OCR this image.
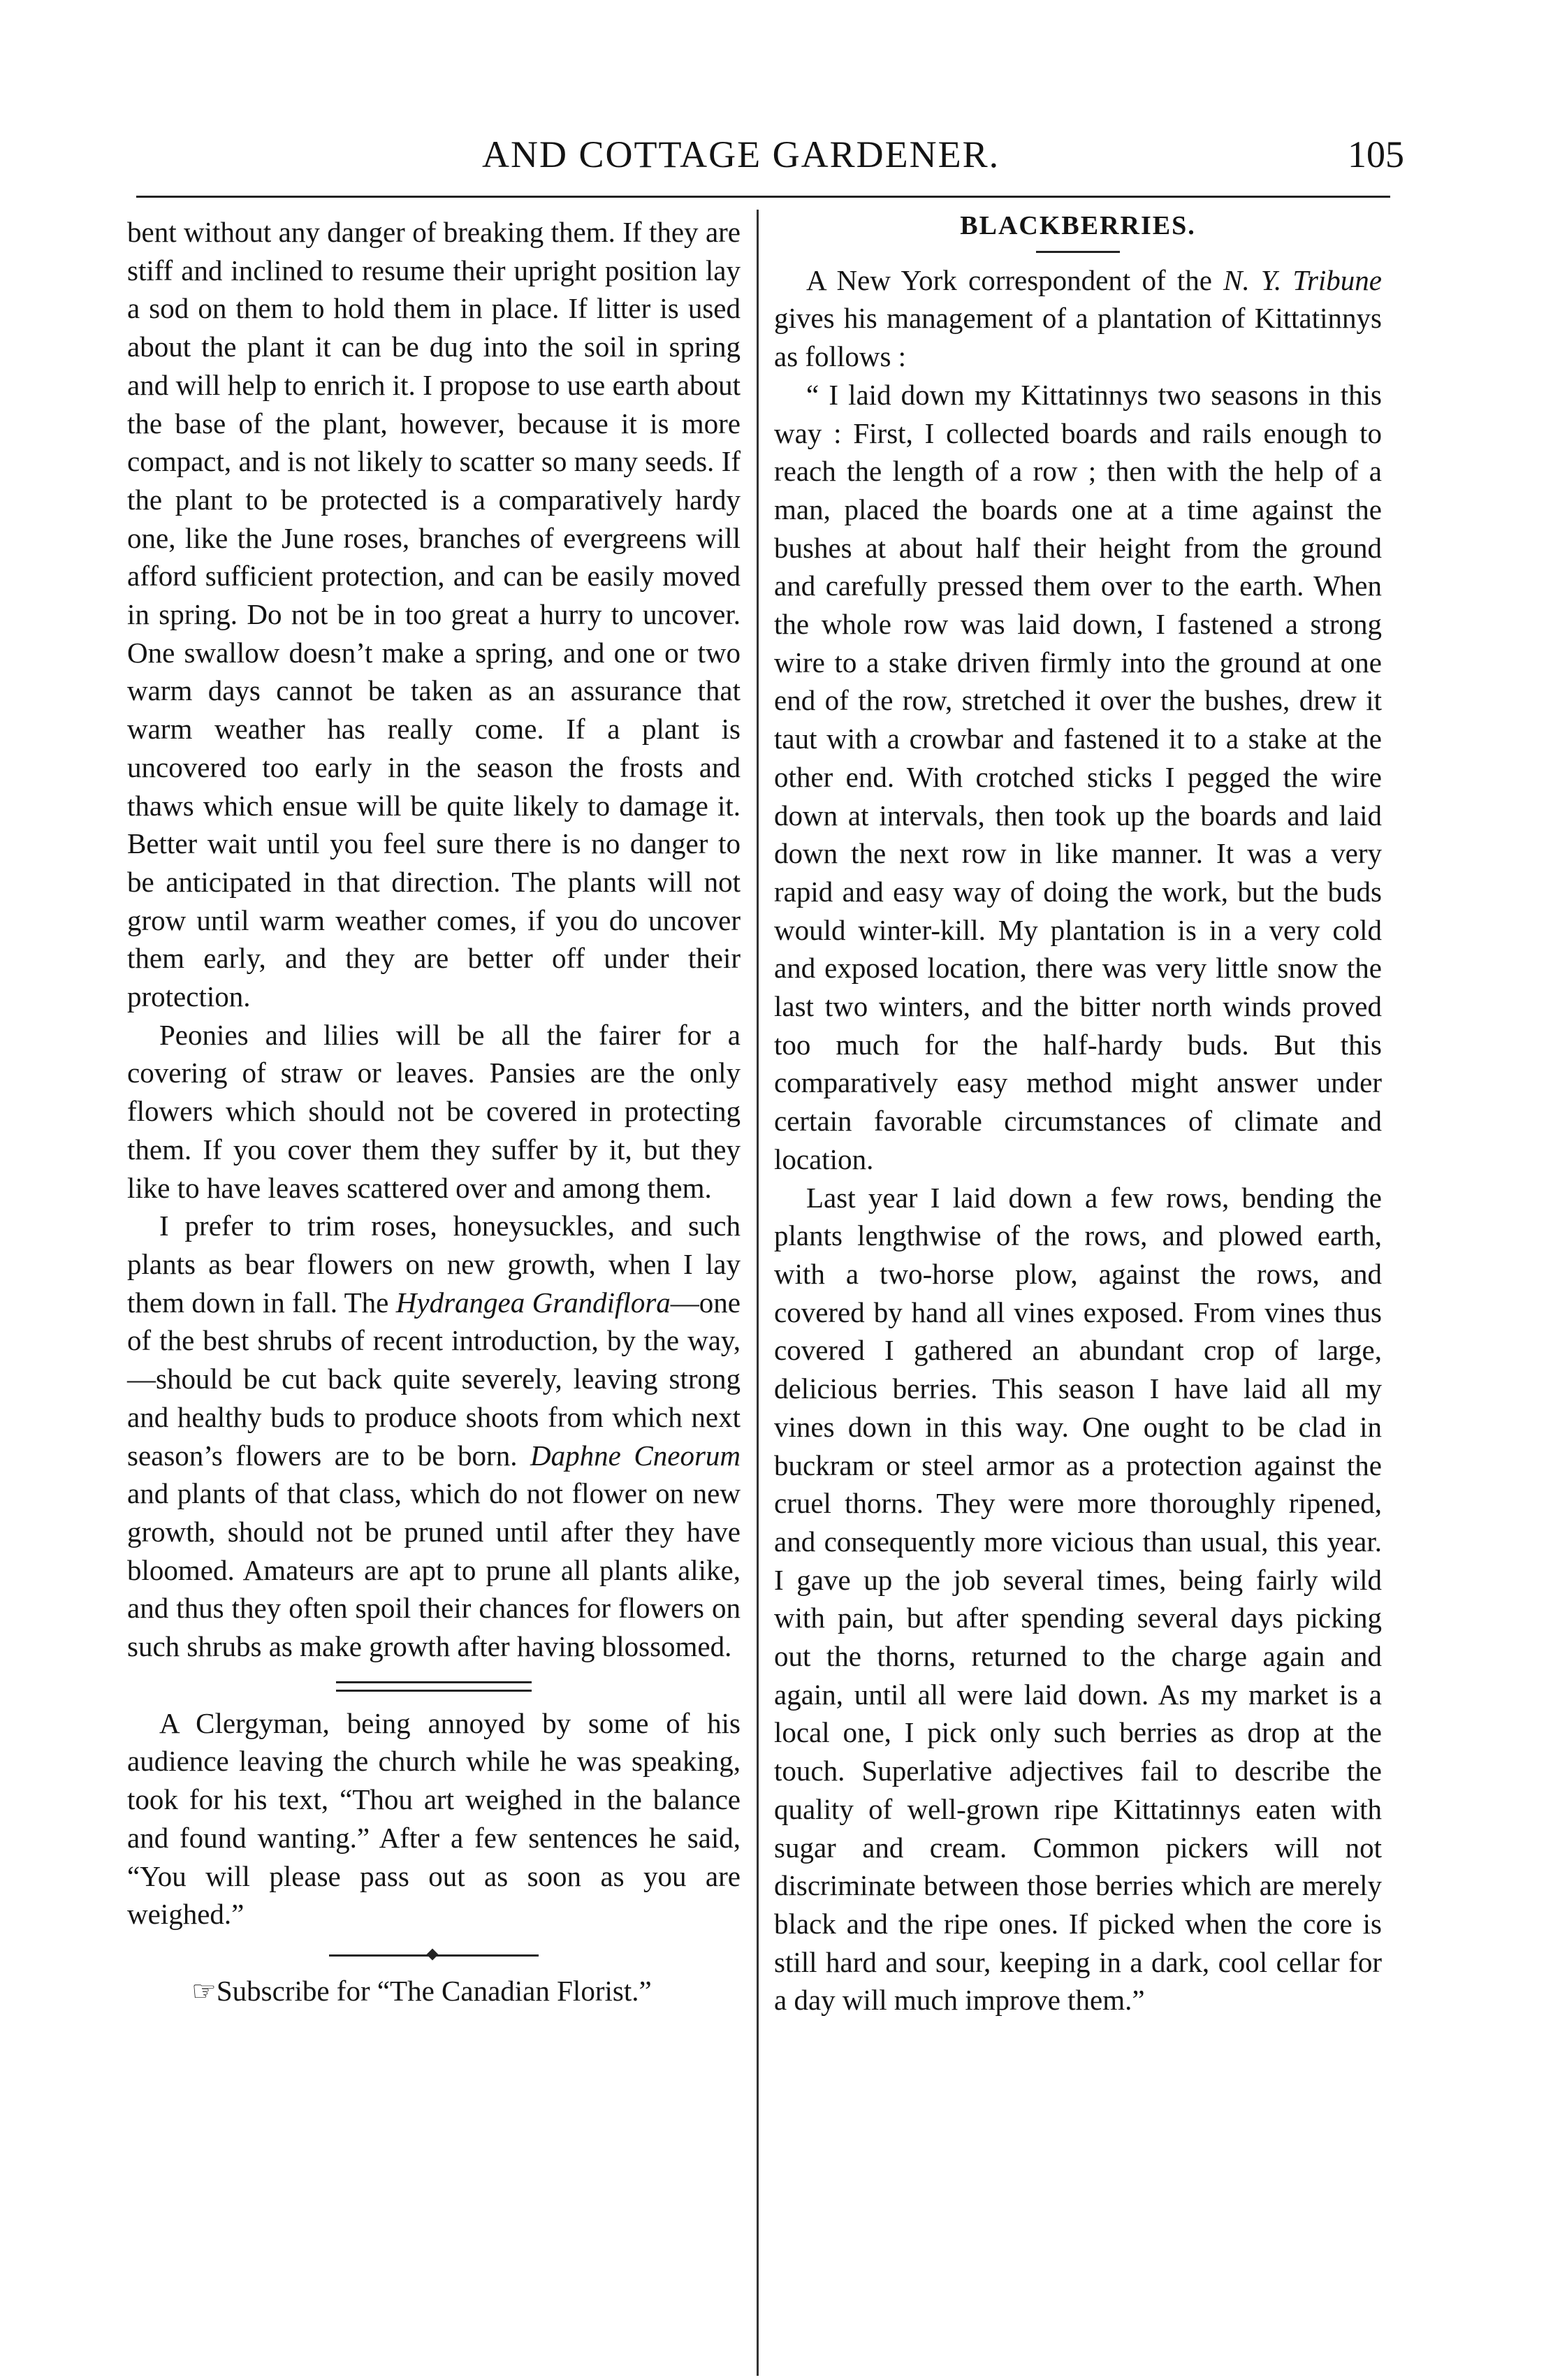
AND COTTAGE GARDENER.	105

bent without any danger of breaking them. If they are stiff and inclined to resume their upright position lay a sod on them to hold them in place. If litter is used about the plant it can be dug into the soil in spring and will help to enrich it. I propose to use earth about the base of the plant, however, because it is more compact, and is not likely to scatter so many seeds. If the plant to be protected is a comparatively hardy one, like the June roses, branches of evergreens will afford sufficient protection, and can be easily moved in spring. Do not be in too great a hurry to uncover. One swallow doesn’t make a spring, and one or two warm days cannot be taken as an assurance that warm weather has really come. If a plant is uncovered too early in the season the frosts and thaws which ensue will be quite likely to damage it. Better wait until you feel sure there is no danger to be anticipated in that direction. The plants will not grow until warm weather comes, if you do uncover them early, and they are better off under their protection.

Peonies and lilies will be all the fairer for a covering of straw or leaves. Pansies are the only flowers which should not be covered in protecting them. If you cover them they suffer by it, but they like to have leaves scattered over and among them.

I prefer to trim roses, honeysuckles, and such plants as bear flowers on new growth, when I lay them down in fall. The Hydrangea Grandiflora—one of the best shrubs of recent introduction, by the way,—should be cut back quite severely, leaving strong and healthy buds to produce shoots from which next season’s flowers are to be born. Daphne Cneorum and plants of that class, which do not flower on new growth, should not be pruned until after they have bloomed. Amateurs are apt to prune all plants alike, and thus they often spoil their chances for flowers on such shrubs as make growth after having blossomed.

A Clergyman, being annoyed by some of his audience leaving the church while he was speaking, took for his text, “Thou art weighed in the balance and found wanting.” After a few sentences he said, “You will please pass out as soon as you are weighed.”

☞Subscribe for “The Canadian Florist.”

BLACKBERRIES.

A New York correspondent of the N. Y. Tribune gives his management of a plantation of Kittatinnys as follows :

“ I laid down my Kittatinnys two seasons in this way : First, I collected boards and rails enough to reach the length of a row ; then with the help of a man, placed the boards one at a time against the bushes at about half their height from the ground and carefully pressed them over to the earth. When the whole row was laid down, I fastened a strong wire to a stake driven firmly into the ground at one end of the row, stretched it over the bushes, drew it taut with a crowbar and fastened it to a stake at the other end. With crotched sticks I pegged the wire down at intervals, then took up the boards and laid down the next row in like manner. It was a very rapid and easy way of doing the work, but the buds would winter-kill. My plantation is in a very cold and exposed location, there was very little snow the last two winters, and the bitter north winds proved too much for the half-hardy buds. But this comparatively easy method might answer under certain favorable circumstances of climate and location.

Last year I laid down a few rows, bending the plants lengthwise of the rows, and plowed earth, with a two-horse plow, against the rows, and covered by hand all vines exposed. From vines thus covered I gathered an abundant crop of large, delicious berries. This season I have laid all my vines down in this way. One ought to be clad in buckram or steel armor as a protection against the cruel thorns. They were more thoroughly ripened, and consequently more vicious than usual, this year. I gave up the job several times, being fairly wild with pain, but after spending several days picking out the thorns, returned to the charge again and again, until all were laid down. As my market is a local one, I pick only such berries as drop at the touch. Superlative adjectives fail to describe the quality of well-grown ripe Kittatinnys eaten with sugar and cream. Common pickers will not discriminate between those berries which are merely black and the ripe ones. If picked when the core is still hard and sour, keeping in a dark, cool cellar for a day will much improve them.”
